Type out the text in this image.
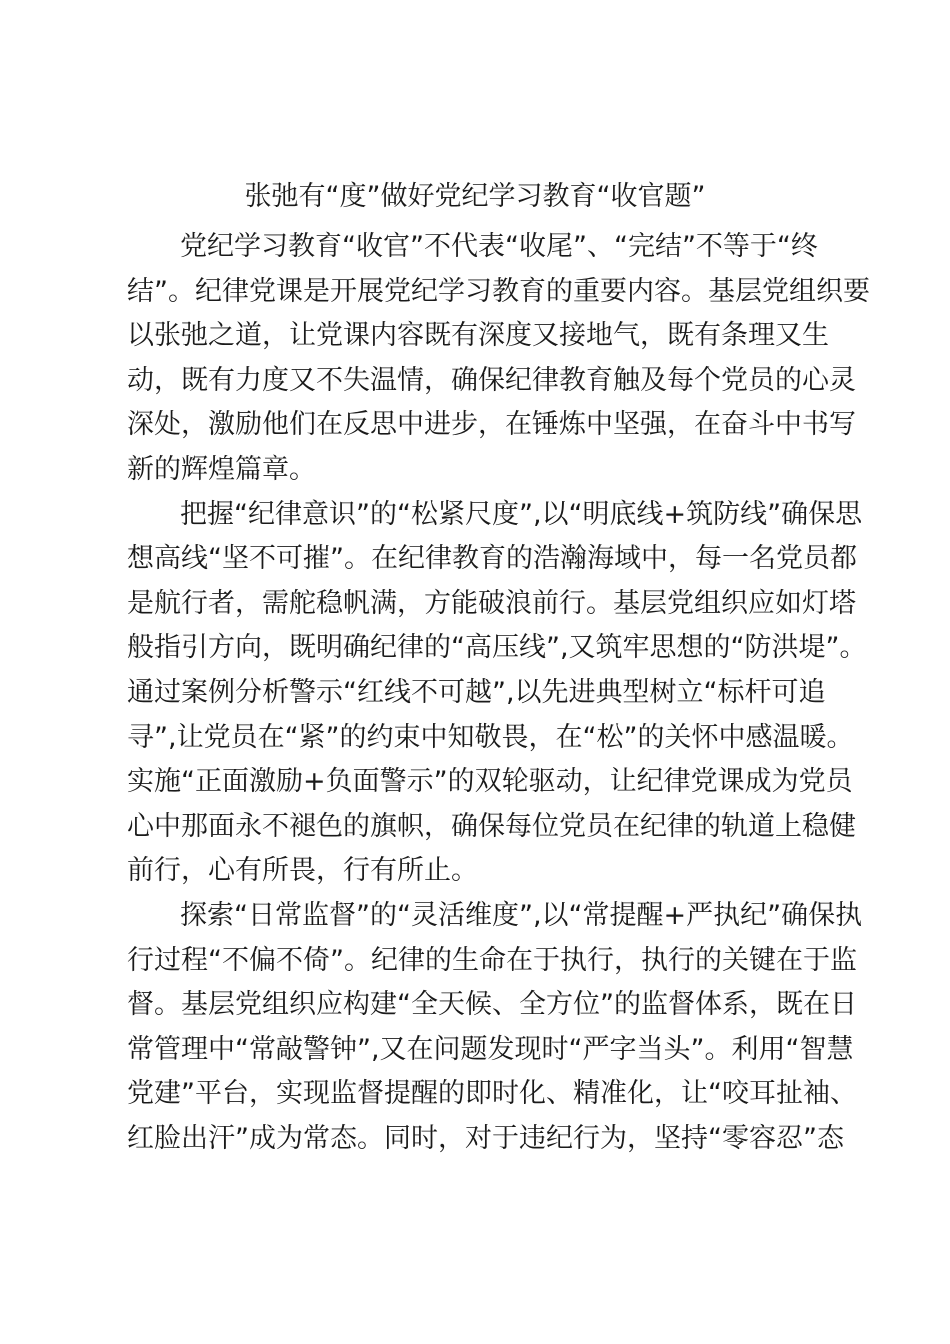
张弛有“度”做好党纪学习教育“收官题”
党纪学习教育“收官”不代表“收尾”、“完结”不等于“终
结”。纪律党课是开展党纪学习教育的重要内容。基层党组织要
以张弛之道，让党课内容既有深度又接地气，既有条理又生
动，既有力度又不失温情，确保纪律教育触及每个党员的心灵
深处，激励他们在反思中进步，在锤炼中坚强，在奋斗中书写
新的辉煌篇章。
把握“纪律意识”的“松紧尺度”,以“明底线+筑防线”确保思
想高线“坚不可摧”。在纪律教育的浩瀚海域中，每一名党员都
是航行者，需舵稳帆满，方能破浪前行。基层党组织应如灯塔
般指引方向，既明确纪律的“高压线”,又筑牢思想的“防洪堤”。
通过案例分析警示“红线不可越”,以先进典型树立“标杆可追
寻”,让党员在“紧”的约束中知敬畏，在“松”的关怀中感温暖。
实施“正面激励+负面警示”的双轮驱动，让纪律党课成为党员
心中那面永不褪色的旗帜，确保每位党员在纪律的轨道上稳健
前行，心有所畏，行有所止。
探索“日常监督”的“灵活维度”,以“常提醒+严执纪”确保执
行过程“不偏不倚”。纪律的生命在于执行，执行的关键在于监
督。基层党组织应构建“全天候、全方位”的监督体系，既在日
常管理中“常敲警钟”,又在问题发现时“严字当头”。利用“智慧
党建”平台，实现监督提醒的即时化、精准化，让“咬耳扯袖、
红脸出汗”成为常态。同时，对于违纪行为，坚持“零容忍”态
